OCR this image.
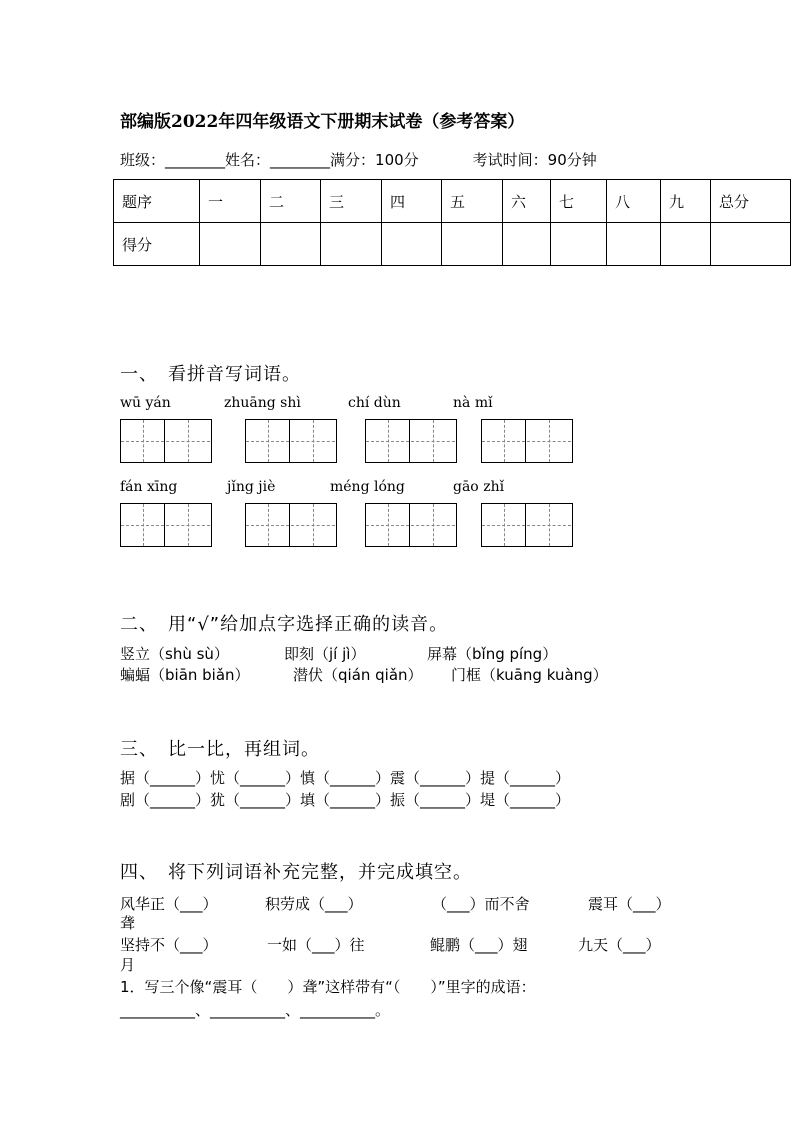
部编版2022年四年级语文下册期末试卷（参考答案）
班级：________姓名：________满分：100分	考试时间：90分钟
题序	一	二	三	四	五	六	七	八	九	总分
得分										
一、　看拼音写词语。
wū yán	zhuāng shì	chí dùn	nà mǐ
fán xīng	jǐng jiè	méng lóng	gāo zhǐ
二、　用“√”给加点字选择正确的读音。
竖立（shù sù）	即刻（jí jì）	屏幕（bǐng píng）
蝙蝠（biān biǎn）	潜伏（qián qiǎn） 门框（kuāng kuàng）
三、　比一比，再组词。
据（______）忧（______）慎（______）震（______）提（______）
剧（______）犹（______）填（______）振（______）堤（______）
四、　将下列词语补充完整，并完成填空。
风华正（___）	积劳成（___）	（___）而不舍	震耳（___）
聋
坚持不（___）	一如（___）往	鲲鹏（___）翅	九天（___）
月
1．写三个像“震耳（　　）聋”这样带有“（　　）”里字的成语：
__________、__________、__________。
